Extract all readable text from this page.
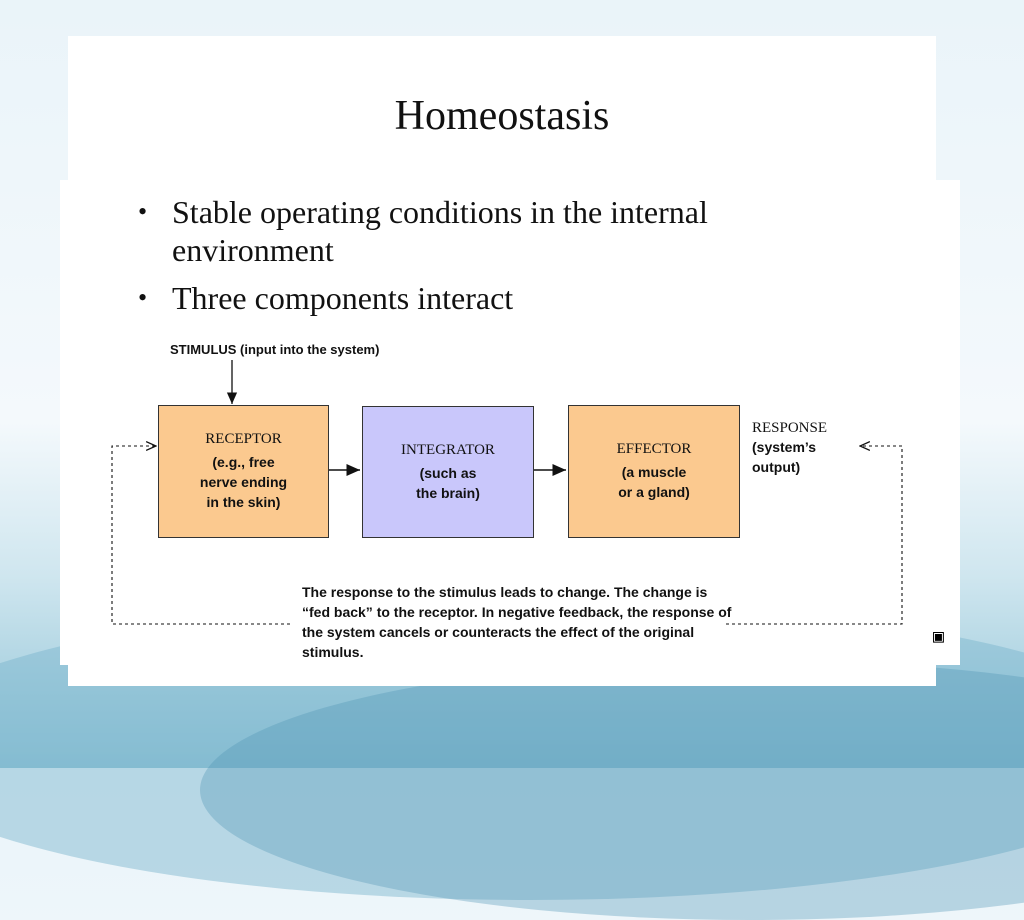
▣
Homeostasis
• Stable operating conditions in the internal environment
• Three components interact
STIMULUS (input into the system)
RECEPTOR
(e.g., free
nerve ending
in the skin)
INTEGRATOR
(such as
the brain)
EFFECTOR
(a muscle
or a gland)
RESPONSE
(system’s
output)
The response to the stimulus leads to change. The change is “fed back” to the receptor. In negative feedback, the response of the system cancels or counteracts the effect of the original stimulus.
